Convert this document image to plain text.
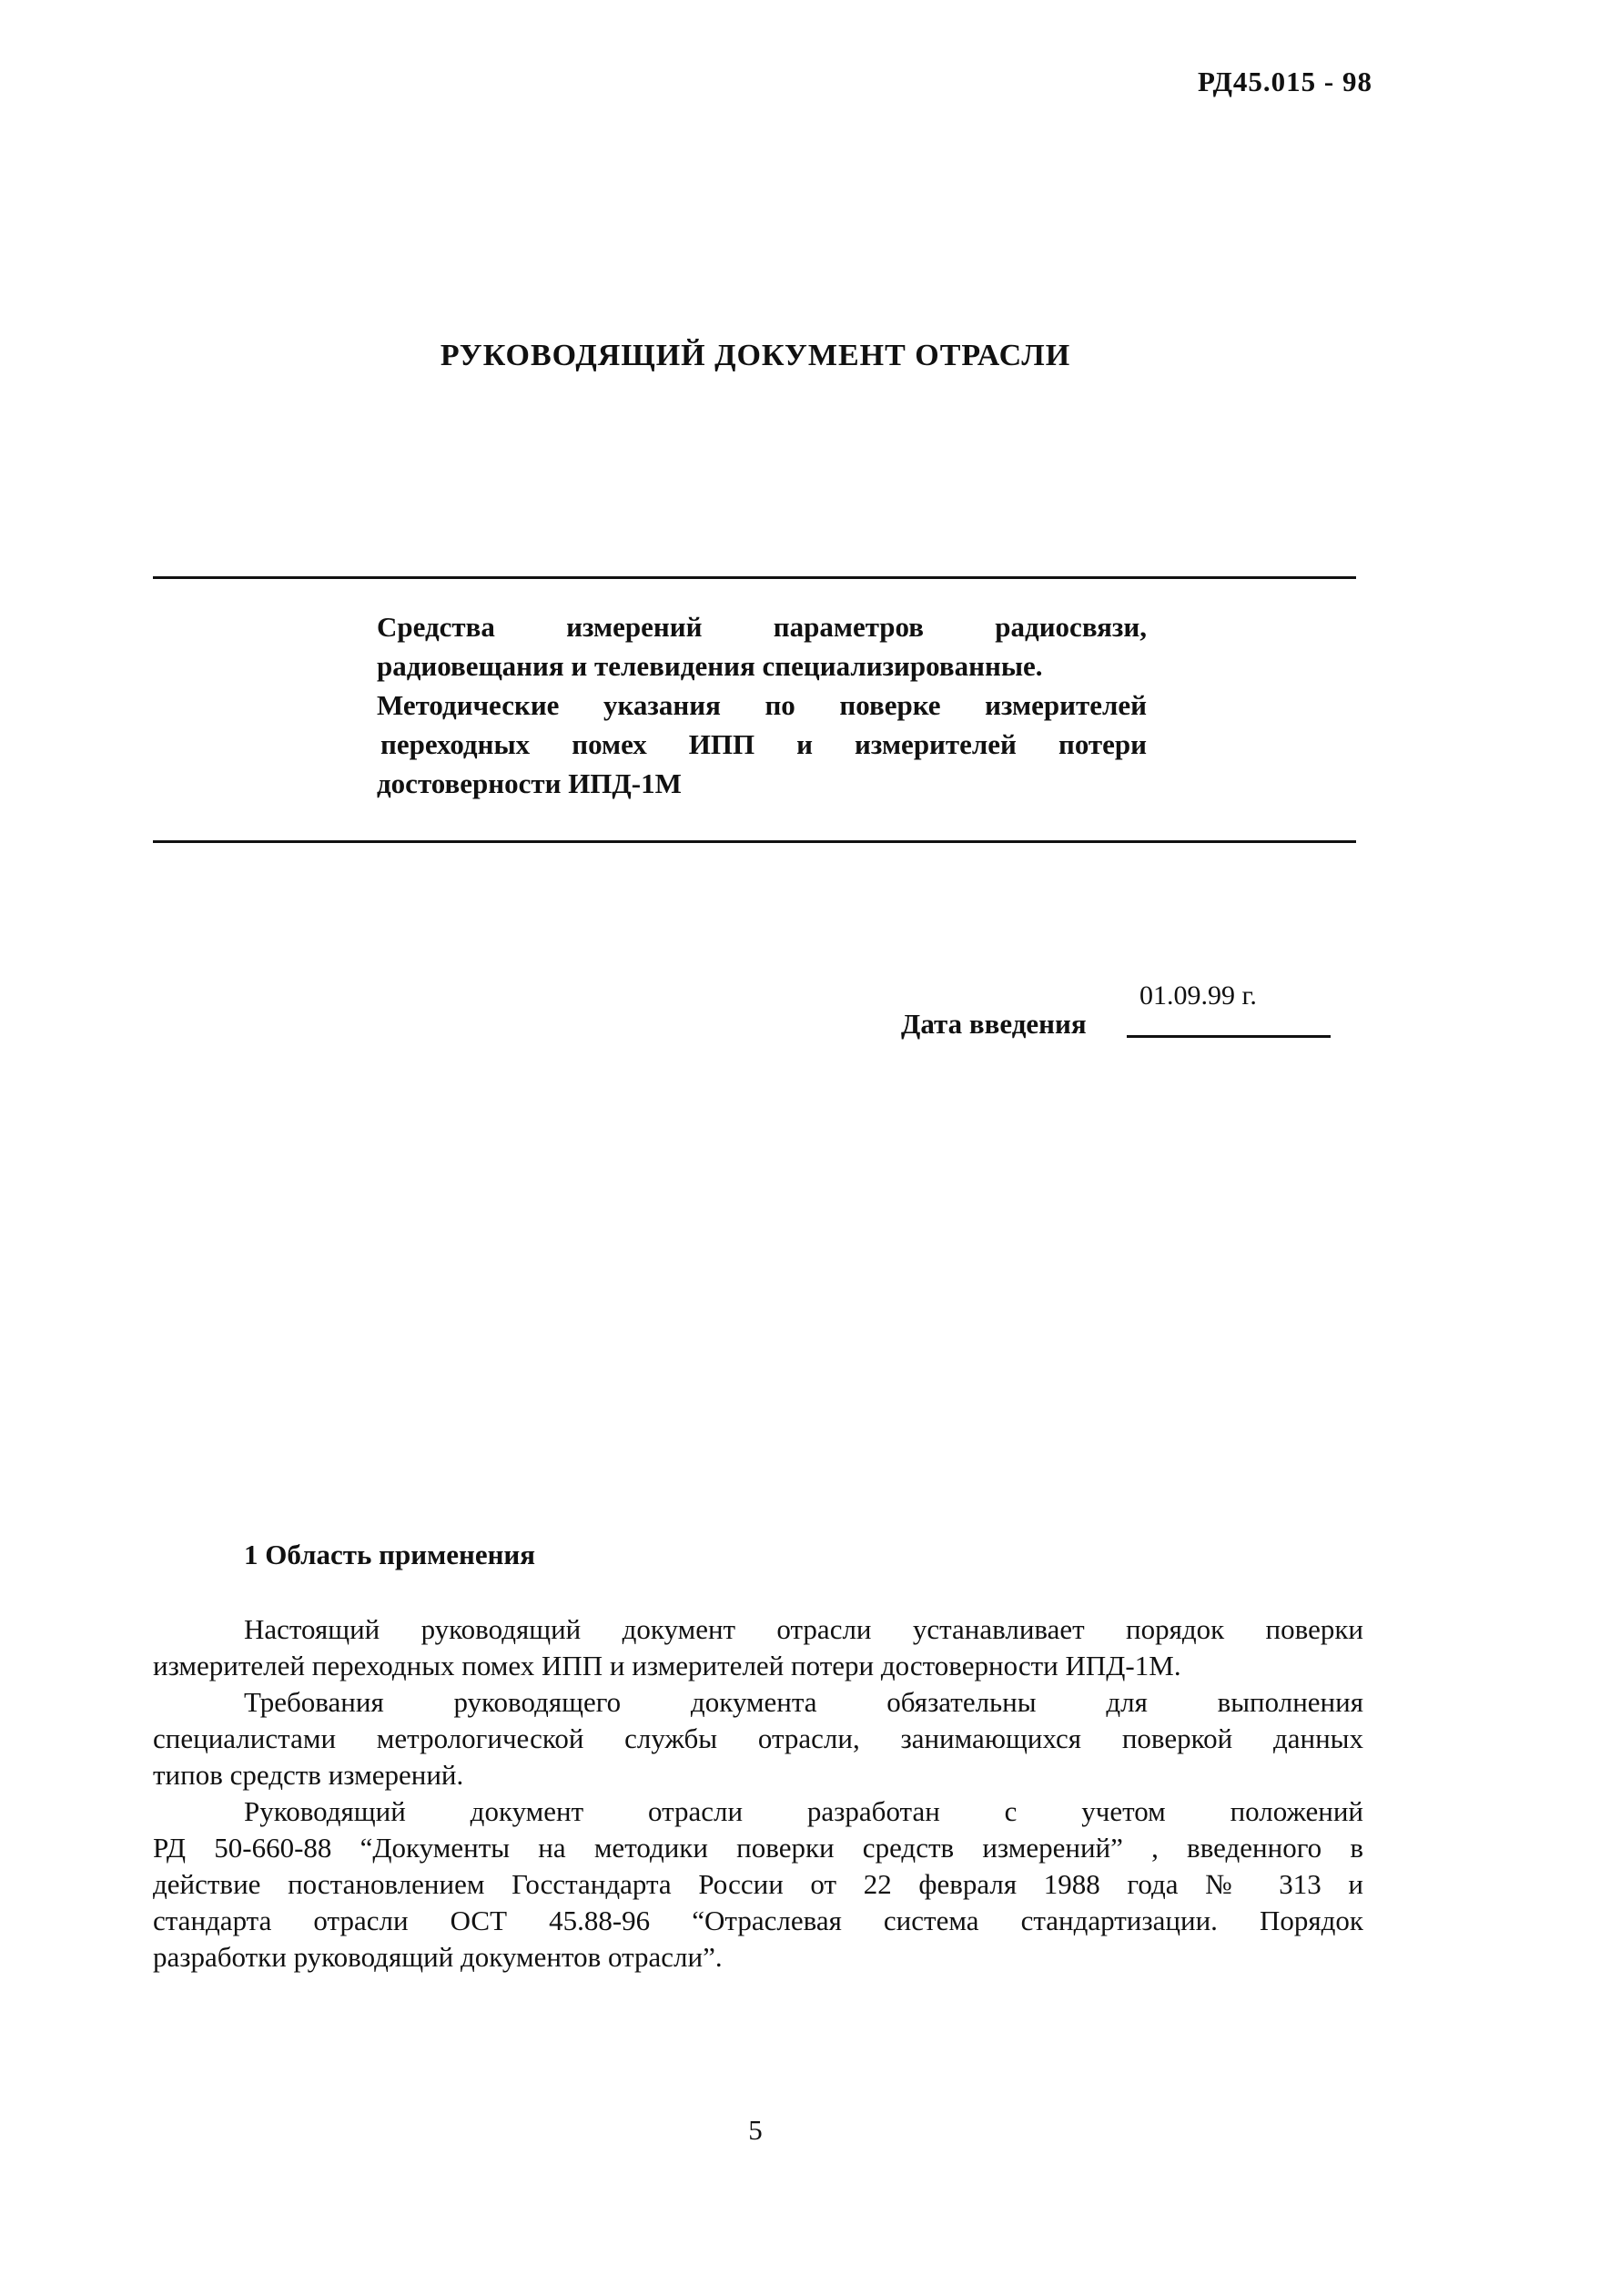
РД45.015 - 98
РУКОВОДЯЩИЙ ДОКУМЕНТ ОТРАСЛИ
Средства измерений параметров радиосвязи,
радиовещания и телевидения специализированные.
Методические указания по поверке измерителей
переходных помех ИПП и измерителей потери
достоверности ИПД-1М
Дата введения
01.09.99 г.
1 Область применения
Настоящий руководящий документ отрасли устанавливает порядок поверки
измерителей переходных помех ИПП и измерителей потери достоверности ИПД-1М.
Требования руководящего документа обязательны для выполнения
специалистами метрологической службы отрасли, занимающихся поверкой данных
типов средств измерений.
Руководящий документ отрасли разработан с учетом положений
РД 50-660-88 “Документы на методики поверки средств измерений” , введенного в
действие постановлением Госстандарта России от 22 февраля 1988 года № 313 и
стандарта отрасли ОСТ 45.88-96 “Отраслевая система стандартизации. Порядок
разработки руководящий документов отрасли”.
5
